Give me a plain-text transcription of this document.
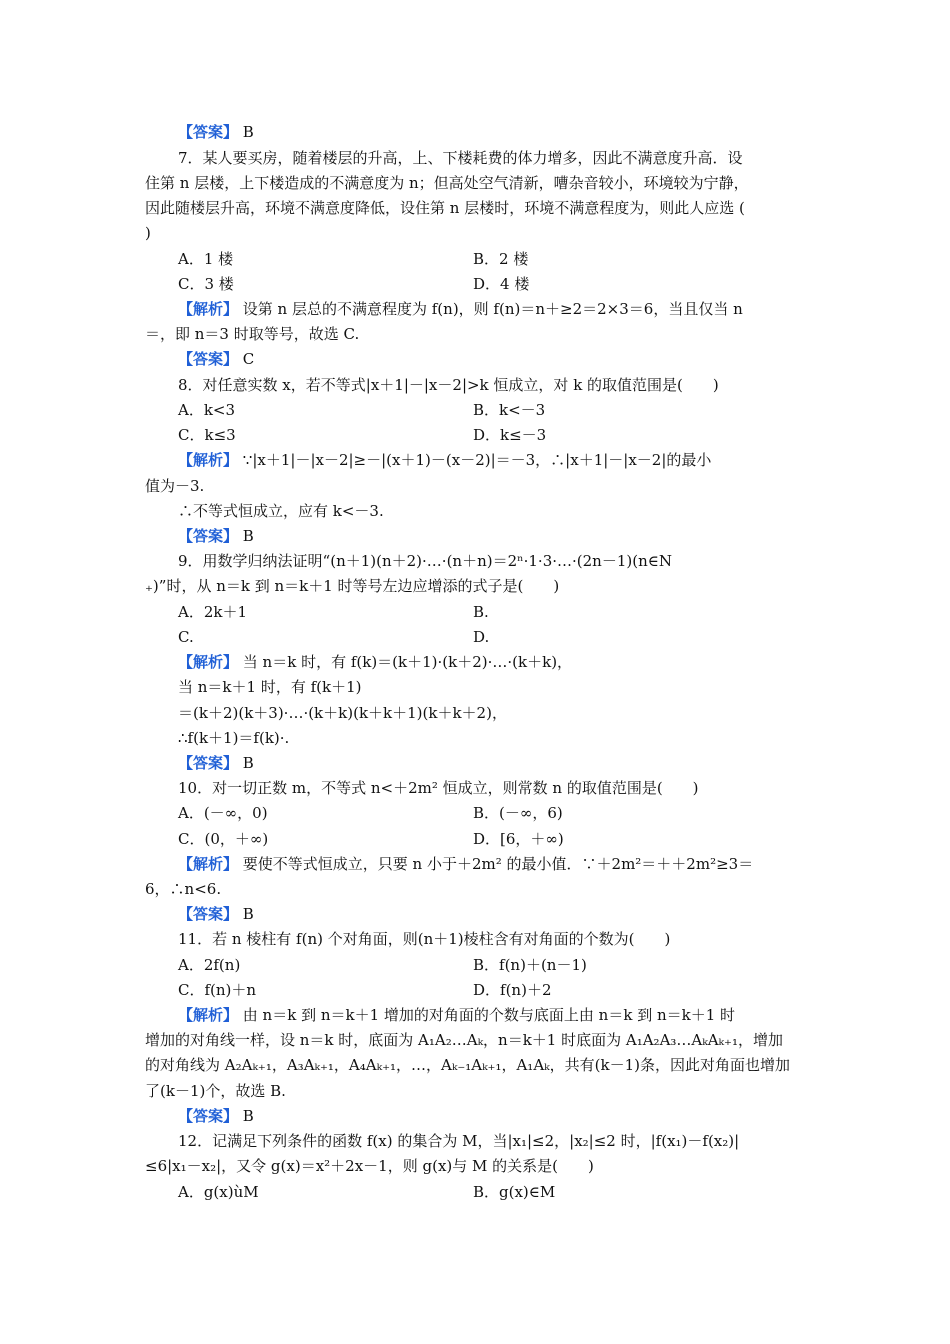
【答案】 B
7．某人要买房，随着楼层的升高，上、下楼耗费的体力增多，因此不满意度升高．设
住第 n 层楼，上下楼造成的不满意度为 n；但高处空气清新，嘈杂音较小，环境较为宁静，
因此随楼层升高，环境不满意度降低，设住第 n 层楼时，环境不满意程度为，则此人应选 (
)
A．1 楼	B．2 楼
C．3 楼	D．4 楼
【解析】 设第 n 层总的不满意程度为 f(n)，则 f(n)＝n＋≥2＝2×3＝6，当且仅当 n
＝，即 n＝3 时取等号，故选 C.
【答案】 C
8．对任意实数 x，若不等式|x＋1|－|x－2|>k 恒成立，对 k 的取值范围是(　　)
A．k<3	B．k<－3
C．k≤3	D．k≤－3
【解析】 ∵|x＋1|－|x－2|≥－|(x＋1)－(x－2)|＝－3，∴|x＋1|－|x－2|的最小
值为－3.
∴不等式恒成立，应有 k<－3.
【答案】 B
9．用数学归纳法证明“(n＋1)(n＋2)·…·(n＋n)＝2ⁿ·1·3·…·(2n－1)(n∈N
₊)”时，从 n＝k 到 n＝k＋1 时等号左边应增添的式子是(　　)
A．2k＋1	B.
C.	D.
【解析】 当 n＝k 时，有 f(k)＝(k＋1)·(k＋2)·…·(k＋k)，
当 n＝k＋1 时，有 f(k＋1)
＝(k＋2)(k＋3)·…·(k＋k)(k＋k＋1)(k＋k＋2)，
∴f(k＋1)＝f(k)·.
【答案】 B
10．对一切正数 m，不等式 n<＋2m² 恒成立，则常数 n 的取值范围是(　　)
A．(－∞，0)	B．(－∞，6)
C．(0，＋∞)	D．[6，＋∞)
【解析】 要使不等式恒成立，只要 n 小于＋2m² 的最小值．∵＋2m²＝＋＋2m²≥3＝
6，∴n<6.
【答案】 B
11．若 n 棱柱有 f(n) 个对角面，则(n＋1)棱柱含有对角面的个数为(　　)
A．2f(n)	B．f(n)＋(n－1)
C．f(n)＋n	D．f(n)＋2
【解析】 由 n＝k 到 n＝k＋1 增加的对角面的个数与底面上由 n＝k 到 n＝k＋1 时
增加的对角线一样，设 n＝k 时，底面为 A₁A₂…Aₖ，n＝k＋1 时底面为 A₁A₂A₃…AₖAₖ₊₁，增加
的对角线为 A₂Aₖ₊₁，A₃Aₖ₊₁，A₄Aₖ₊₁，…，Aₖ₋₁Aₖ₊₁，A₁Aₖ，共有(k－1)条，因此对角面也增加
了(k－1)个，故选 B.
【答案】 B
12．记满足下列条件的函数 f(x) 的集合为 M，当|x₁|≤2，|x₂|≤2 时，|f(x₁)－f(x₂)|
≤6|x₁－x₂|，又令 g(x)＝x²＋2x－1，则 g(x)与 M 的关系是(　　)
A．g(x)ùM	B．g(x)∈M
